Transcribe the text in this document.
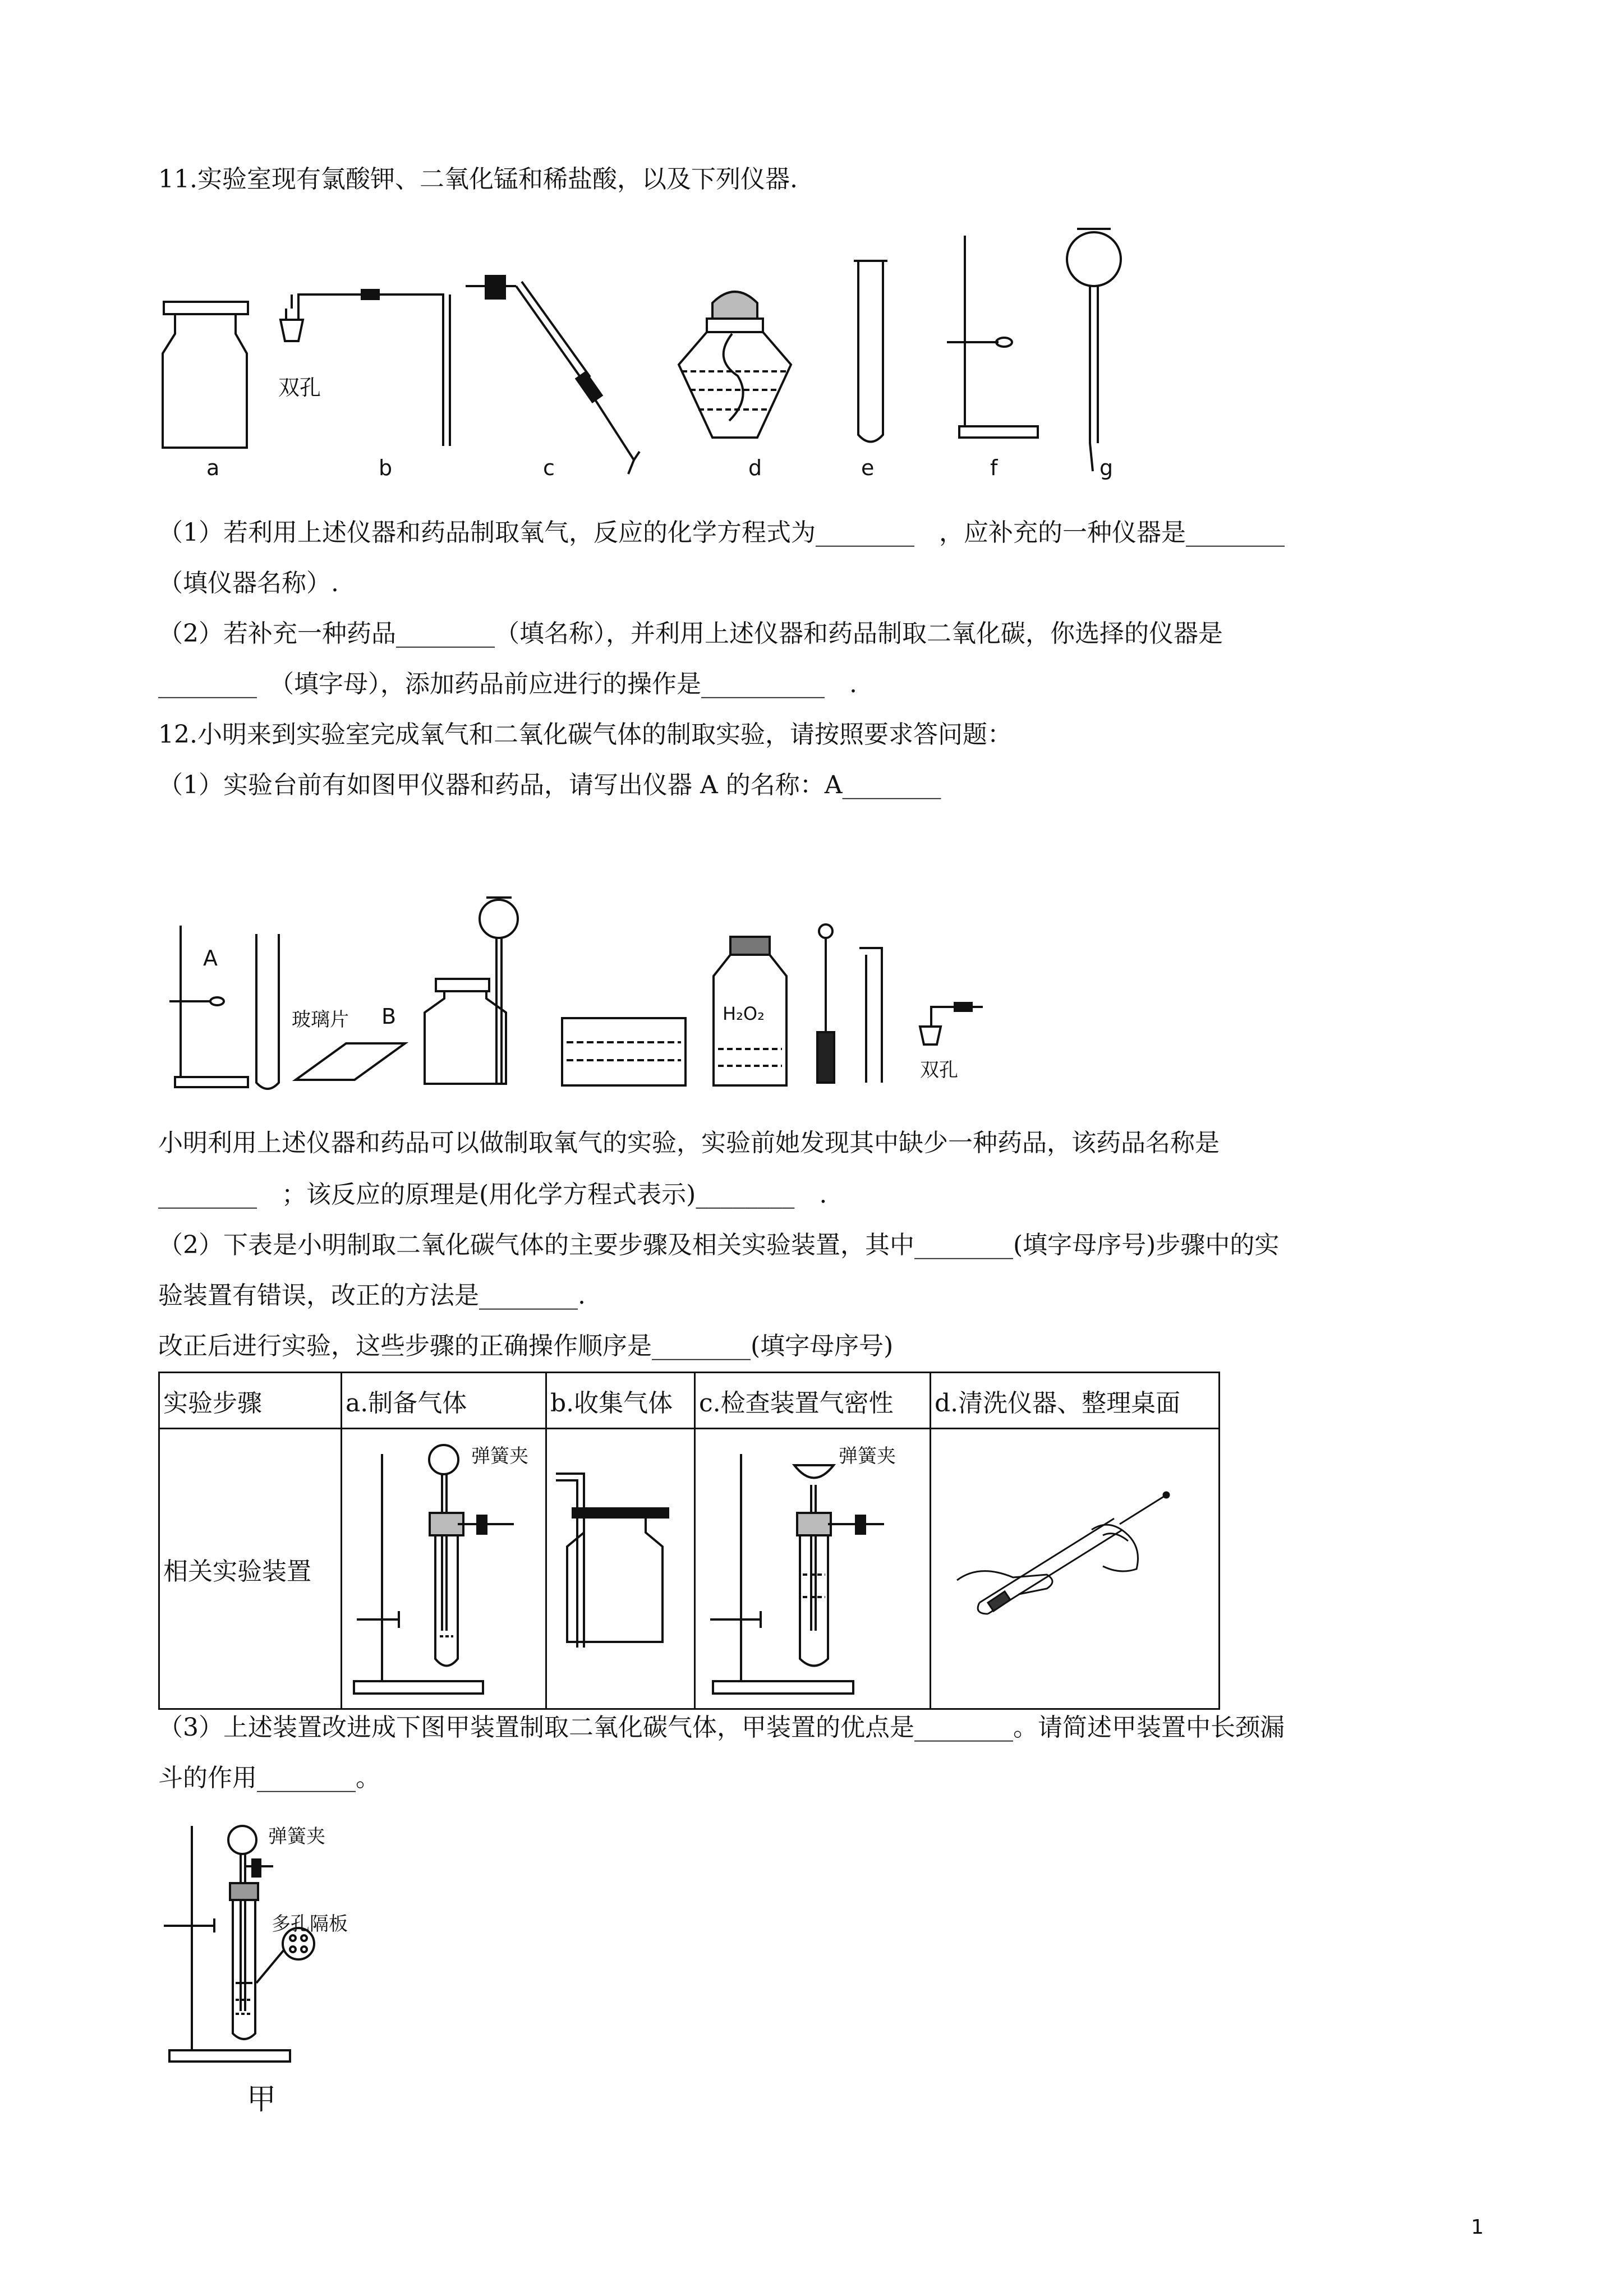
11.实验室现有氯酸钾、二氧化锰和稀盐酸，以及下列仪器.
双孔
a	b	c	d	e	f	g
（1）若利用上述仪器和药品制取氧气，反应的化学方程式为________　，应补充的一种仪器是________
（填仪器名称）.
（2）若补充一种药品________（填名称），并利用上述仪器和药品制取二氧化碳，你选择的仪器是
________　（填字母），添加药品前应进行的操作是__________　.
12.小明来到实验室完成氧气和二氧化碳气体的制取实验，请按照要求答问题：
（1）实验台前有如图甲仪器和药品，请写出仪器 A 的名称：A________
A
玻璃片 B	H₂O₂
双孔
小明利用上述仪器和药品可以做制取氧气的实验，实验前她发现其中缺少一种药品，该药品名称是
________　；该反应的原理是(用化学方程式表示)________　.
（2）下表是小明制取二氧化碳气体的主要步骤及相关实验装置，其中________(填字母序号)步骤中的实
验装置有错误，改正的方法是________.
改正后进行实验，这些步骤的正确操作顺序是________(填字母序号)
实验步骤	a.制备气体	b.收集气体	c.检查装置气密性	d.清洗仪器、整理桌面
相关实验装置	弹簧夹		弹簧夹

（3）上述装置改进成下图甲装置制取二氧化碳气体，甲装置的优点是________。请简述甲装置中长颈漏
斗的作用________。
弹簧夹
多孔隔板
甲
1
